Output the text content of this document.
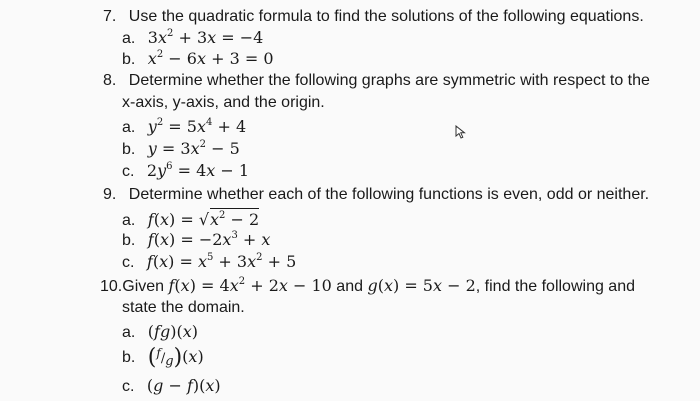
7. Use the quadratic formula to find the solutions of the following equations.
a. $3x^2 + 3x = -4$
b. $x^2 - 6x + 3 = 0$
8. Determine whether the following graphs are symmetric with respect to the
x-axis, y-axis, and the origin.
a. $y^2 = 5x^4 + 4$
b. $y = 3x^2 - 5$
c. $2y^6 = 4x - 1$
9. Determine whether each of the following functions is even, odd or neither.
a. $f(x) = √x^2 - 2$
b. $f(x) = -2x^3 + x$
c. $f(x) = x^5 + 3x^2 + 5$
10.Given $f(x) = 4x^2 + 2x - 10$ and g(x) = 5x − 2, find the following and
state the domain.
a. (fg)(x)
b. ($^f$/g)(x)
c. (g − f)(x)
